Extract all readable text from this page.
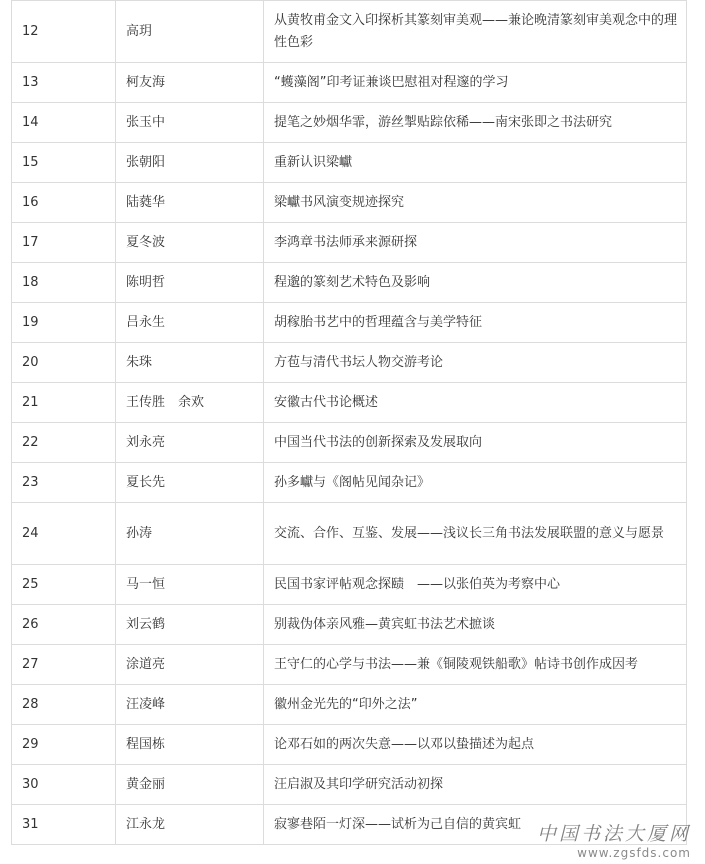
12	高玥	从黄牧甫金文入印探析其篆刻审美观——兼论晚清篆刻审美观念中的理性色彩
13	柯友海	“蠖藻阁”印考证兼谈巴慰祖对程邃的学习
14	张玉中	提笔之妙烟华霏，游丝掣贴踪依稀——南宋张即之书法研究
15	张朝阳	重新认识梁巘
16	陆蕤华	梁巘书风演变规迹探究
17	夏冬波	李鸿章书法师承来源研探
18	陈明哲	程邈的篆刻艺术特色及影响
19	吕永生	胡稼胎书艺中的哲理蕴含与美学特征
20	朱珠	方苞与清代书坛人物交游考论
21	王传胜　余欢	安徽古代书论概述
22	刘永亮	中国当代书法的创新探索及发展取向
23	夏长先	孙多巘与《阁帖见闻杂记》
24	孙涛	交流、合作、互鉴、发展——浅议长三角书法发展联盟的意义与愿景
25	马一恒	民国书家评帖观念探赜　——以张伯英为考察中心
26	刘云鹤	别裁伪体亲风雅—黄宾虹书法艺术摭谈
27	涂道亮	王守仁的心学与书法——兼《铜陵观铁船歌》帖诗书创作成因考
28	汪凌峰	徽州金光先的“印外之法”
29	程国栋	论邓石如的两次失意——以邓以蛰描述为起点
30	黄金丽	汪启淑及其印学研究活动初探
31	江永龙	寂寥巷陌一灯深——试析为己自信的黄宾虹 中国书法大厦网
www.zgsfds.com
